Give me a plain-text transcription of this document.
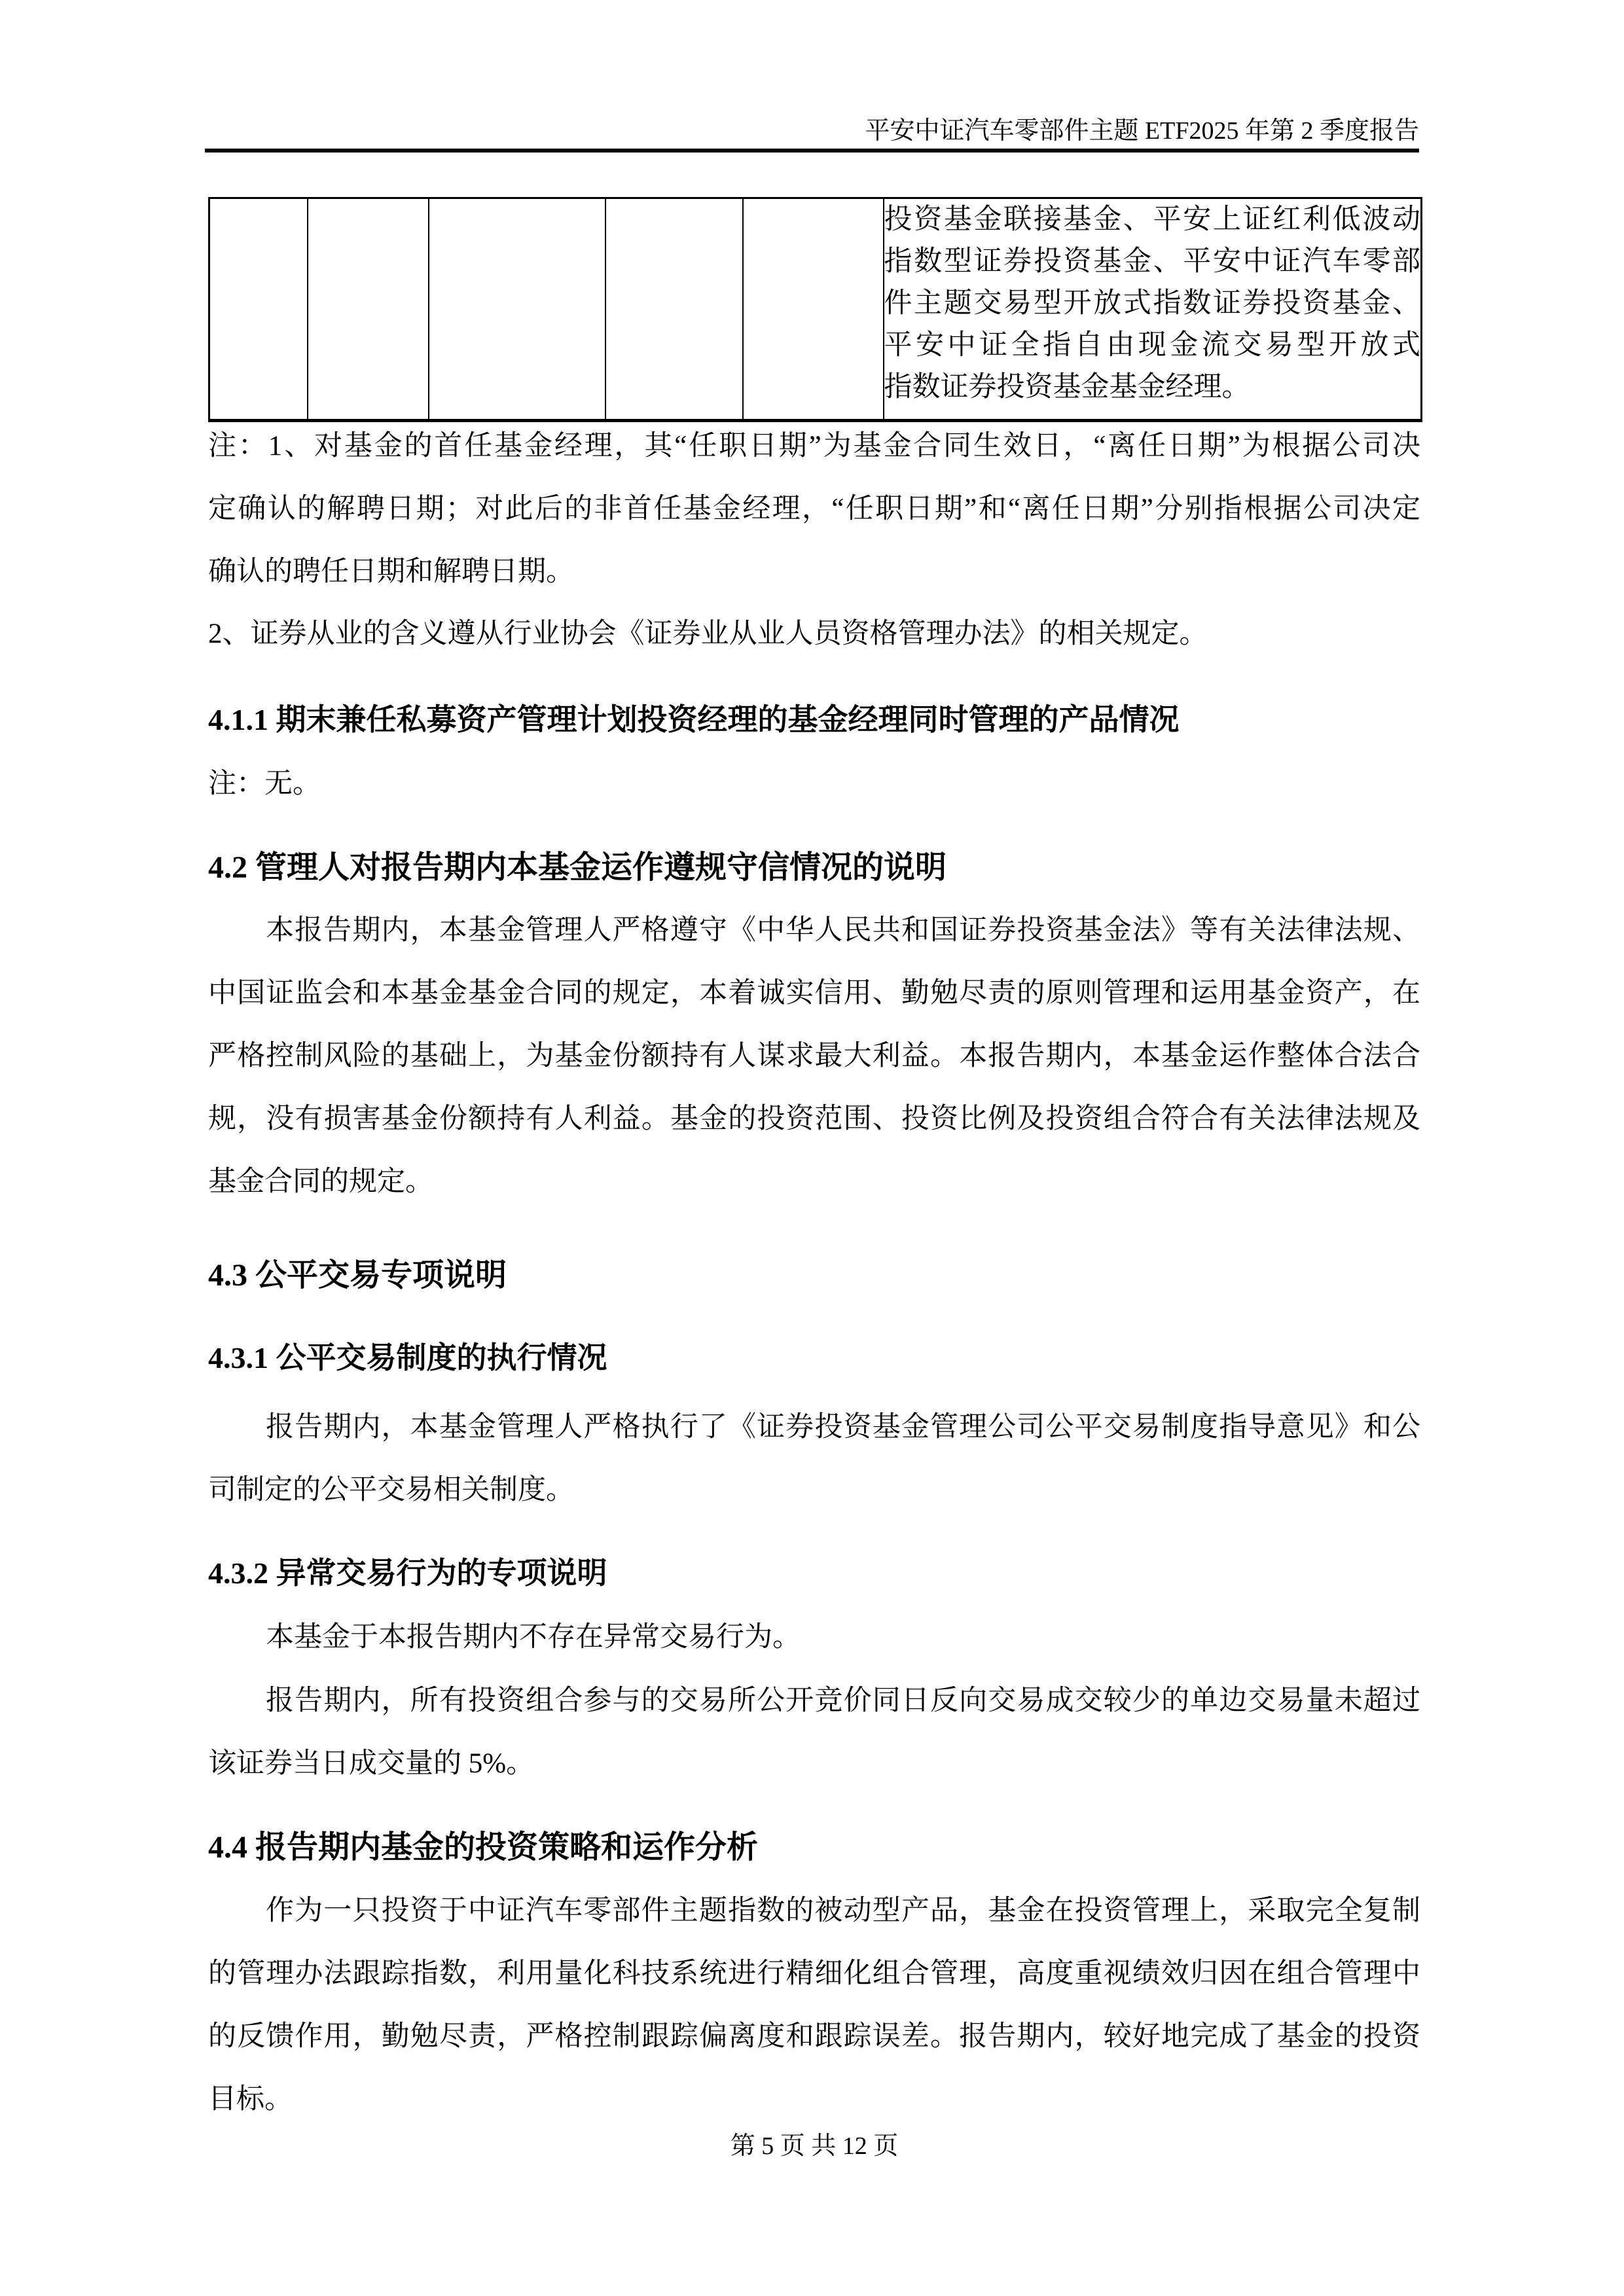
平安中证汽车零部件主题 ETF2025 年第 2 季度报告

投资基金联接基金、平安上证红利低波动
指数型证券投资基金、平安中证汽车零部
件主题交易型开放式指数证券投资基金、
平安中证全指自由现金流交易型开放式
指数证券投资基金基金经理。
注：1、对基金的首任基金经理，其“任职日期”为基金合同生效日，“离任日期”为根据公司决
定确认的解聘日期；对此后的非首任基金经理，“任职日期”和“离任日期”分别指根据公司决定
确认的聘任日期和解聘日期。
2、证券从业的含义遵从行业协会《证券业从业人员资格管理办法》的相关规定。
4.1.1 期末兼任私募资产管理计划投资经理的基金经理同时管理的产品情况
注：无。
4.2 管理人对报告期内本基金运作遵规守信情况的说明
本报告期内，本基金管理人严格遵守《中华人民共和国证券投资基金法》等有关法律法规、
中国证监会和本基金基金合同的规定，本着诚实信用、勤勉尽责的原则管理和运用基金资产，在
严格控制风险的基础上，为基金份额持有人谋求最大利益。本报告期内，本基金运作整体合法合
规，没有损害基金份额持有人利益。基金的投资范围、投资比例及投资组合符合有关法律法规及
基金合同的规定。
4.3 公平交易专项说明
4.3.1 公平交易制度的执行情况
报告期内，本基金管理人严格执行了《证券投资基金管理公司公平交易制度指导意见》和公
司制定的公平交易相关制度。
4.3.2 异常交易行为的专项说明
本基金于本报告期内不存在异常交易行为。
报告期内，所有投资组合参与的交易所公开竞价同日反向交易成交较少的单边交易量未超过
该证券当日成交量的 5%。
4.4 报告期内基金的投资策略和运作分析
作为一只投资于中证汽车零部件主题指数的被动型产品，基金在投资管理上，采取完全复制
的管理办法跟踪指数，利用量化科技系统进行精细化组合管理，高度重视绩效归因在组合管理中
的反馈作用，勤勉尽责，严格控制跟踪偏离度和跟踪误差。报告期内，较好地完成了基金的投资
目标。
第 5 页 共 12 页
